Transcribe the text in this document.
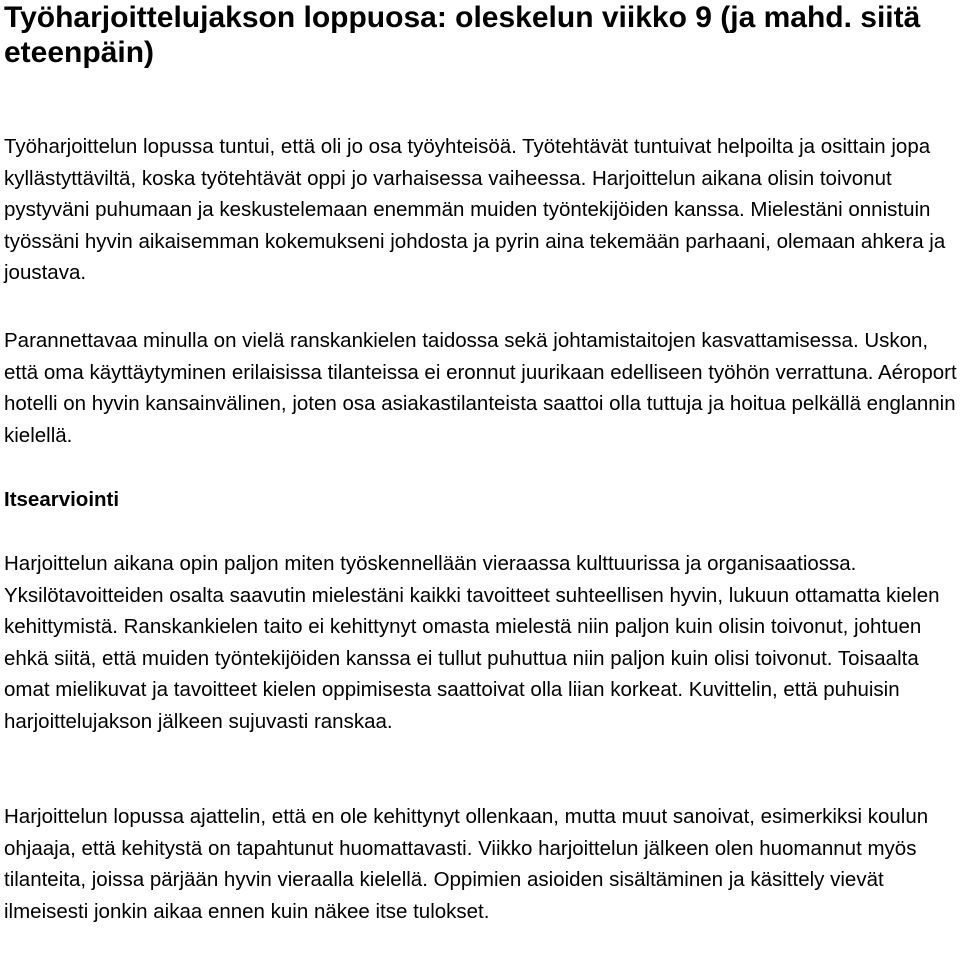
Työharjoittelujakson loppuosa: oleskelun viikko 9 (ja mahd. siitä eteenpäin)

Työharjoittelun lopussa tuntui, että oli jo osa työyhteisöä. Työtehtävät tuntuivat helpoilta ja osittain jopa kyllästyttäviltä, koska työtehtävät oppi jo varhaisessa vaiheessa. Harjoittelun aikana olisin toivonut pystyväni puhumaan ja keskustelemaan enemmän muiden työntekijöiden kanssa. Mielestäni onnistuin työssäni hyvin aikaisemman kokemukseni johdosta ja pyrin aina tekemään parhaani, olemaan ahkera ja joustava.

Parannettavaa minulla on vielä ranskankielen taidossa sekä johtamistaitojen kasvattamisessa. Uskon, että oma käyttäytyminen erilaisissa tilanteissa ei eronnut juurikaan edelliseen työhön verrattuna. Aéroport hotelli on hyvin kansainvälinen, joten osa asiakastilanteista saattoi olla tuttuja ja hoitua pelkällä englannin kielellä.

Itsearviointi

Harjoittelun aikana opin paljon miten työskennellään vieraassa kulttuurissa ja organisaatiossa. Yksilötavoitteiden osalta saavutin mielestäni kaikki tavoitteet suhteellisen hyvin, lukuun ottamatta kielen kehittymistä. Ranskankielen taito ei kehittynyt omasta mielestä niin paljon kuin olisin toivonut, johtuen ehkä siitä, että muiden työntekijöiden kanssa ei tullut puhuttua niin paljon kuin olisi toivonut. Toisaalta omat mielikuvat ja tavoitteet kielen oppimisesta saattoivat olla liian korkeat. Kuvittelin, että puhuisin harjoittelujakson jälkeen sujuvasti ranskaa.

Harjoittelun lopussa ajattelin, että en ole kehittynyt ollenkaan, mutta muut sanoivat, esimerkiksi koulun ohjaaja, että kehitystä on tapahtunut huomattavasti. Viikko harjoittelun jälkeen olen huomannut myös tilanteita, joissa pärjään hyvin vieraalla kielellä. Oppimien asioiden sisältäminen ja käsittely vievät ilmeisesti jonkin aikaa ennen kuin näkee itse tulokset.
